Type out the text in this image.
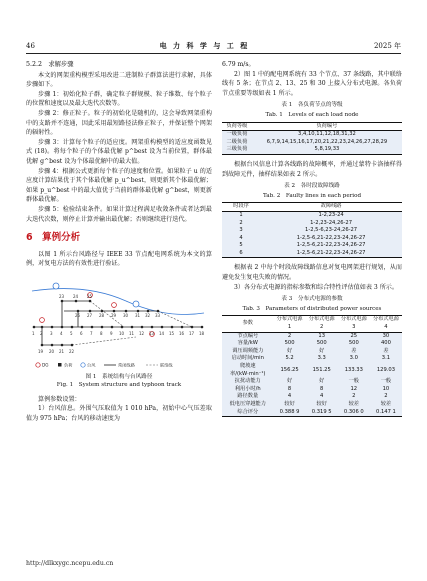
46	电 力 科 学 与 工 程	2025 年

5.2.2　求解步骤

本文的网架重构模型采用改进二进制粒子群算法进行求解，具体步骤如下。

步骤 1：初始化粒子群，确定粒子群规模、粒子维数、每个粒子的位置和速度以及最大迭代次数等。

步骤 2：修正粒子。粒子的初始化是随机的，这会导致网架重构中的支路并不连通，因此采用最短路径法修正粒子，并保证整个网架的辐射性。

步骤 3：计算每个粒子的适应度。网架重构模型的适应度函数见式 (18)。将每个粒子的个体最优解 p^best 设为当前位置，群体最优解 g^best 设为个体最优解中的最大值。

步骤 4：根据公式更新每个粒子的速度和位置。如果粒子 u 的适应度计算结果优于其个体最优解 p_u^best，则更新其个体最优解；如果 p_u^best 中的最大值优于当前的群体最优解 g^best，则更新群体最优解。

步骤 5：检验结束条件。如果计算过程满足收敛条件或者达到最大迭代次数，则停止计算并输出最优解；否则继续进行迭代。

6　算例分析

以图 1 所示台风路径与 IEEE 33 节点配电网系统为本文的算例，对复电方法的有效性进行验证。

1 2 3 4 5 6 7 8 9 10 11 12 13 14 15 16 17 18
19 20 21 22
23 24 25
26 27 28 29 30 31 32 33
DG	负荷	台风	常闭线路	联络线

图 1　系统结构与台风路径

Fig. 1　System structure and typhoon track

算例参数设置：

1）台风信息。外围气压取值为 1 010 hPa，初始中心气压差取值为 975 hPa；台风的移动速度为

6.79 m/s。

2）图 1 中的配电网系统有 33 个节点、37 条线路，其中联络线有 5 条；在节点 2、13、25 和 30 上接入分布式电源。各负荷节点重要等级如表 1 所示。

表 1　各负荷节点的等级

Tab. 1　Levels of each load node

负荷等级	负荷编号
一级负荷	3,4,10,11,12,18,31,32
二级负荷	6,7,9,14,15,16,17,20,21,22,23,24,26,27,28,29
三级负荷	5,8,19,33

根据台风信息计算各线路的故障概率，并通过蒙特卡洛抽样得到故障元件，抽样结果如表 2 所示。

表 2　各时段故障线路

Tab. 2　Faulty lines in each period

时段序	故障线路
1	1-2,23-24
2	1-2,23-24,26-27
3	1-2,5-6,23-24,26-27
4	1-2,5-6,21-22,23-24,26-27
5	1-2,5-6,21-22,23-24,26-27
6	1-2,5-6,21-22,23-24,26-27

根据表 2 中每个时段故障线路信息对复电网架进行规划，从而避免发生复电失败的情况。

3）各分布式电源的指标参数和综合特性评估值如表 3 所示。

表 3　分布式电源的参数

Tab. 3　Parameters of distributed power sources

参数	分布式电源 1	分布式电源 2	分布式电源 3	分布式电源 4
节点编号	2	13	25	30
容量/kW	500	500	500	400
调压调频能力	好	好	差	差
启动时间/min	5.2	3.3	3.0	3.1
爬坡速率/(kW·min⁻¹)	156.25	151.25	133.33	129.03
抗扰动能力	好	好	一般	一般
利用小时/h	8	8	12	10
路径数量	4	4	2	2
低电压穿越能力	较好	较好	较差	较差
综合评分	0.388 9	0.319 5	0.306 0	0.147 1
http://dlkxygc.ncepu.edu.cn
